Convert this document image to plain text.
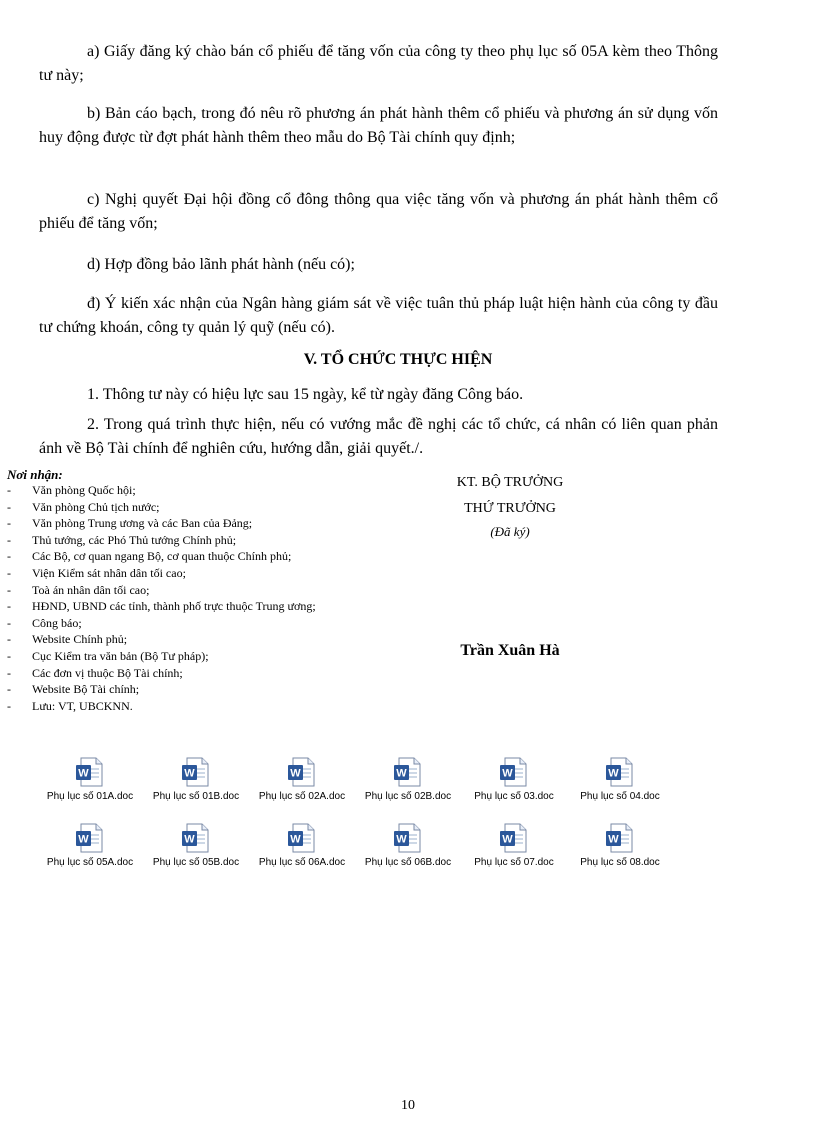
a) Giấy đăng ký chào bán cổ phiếu để tăng vốn của công ty theo phụ lục số 05A kèm theo Thông tư này;

b) Bản cáo bạch, trong đó nêu rõ phương án phát hành thêm cổ phiếu và phương án sử dụng vốn huy động được từ đợt phát hành thêm theo mẫu do Bộ Tài chính quy định;

c) Nghị quyết Đại hội đồng cổ đông thông qua việc tăng vốn và phương án phát hành thêm cổ phiếu để tăng vốn;

d) Hợp đồng bảo lãnh phát hành (nếu có);

đ) Ý kiến xác nhận của Ngân hàng giám sát về việc tuân thủ pháp luật hiện hành của công ty đầu tư chứng khoán, công ty quản lý quỹ (nếu có).

V. TỔ CHỨC THỰC HIỆN

1. Thông tư này có hiệu lực sau 15 ngày, kể từ ngày đăng Công báo.

2. Trong quá trình thực hiện, nếu có vướng mắc đề nghị các tổ chức, cá nhân có liên quan phản ánh về Bộ Tài chính để nghiên cứu, hướng dẫn, giải quyết./.

Nơi nhận:
- Văn phòng Quốc hội;
- Văn phòng Chủ tịch nước;
- Văn phòng Trung ương và các Ban của Đảng;
- Thủ tướng, các Phó Thủ tướng Chính phủ;
- Các Bộ, cơ quan ngang Bộ, cơ quan thuộc Chính phủ;
- Viện Kiểm sát nhân dân tối cao;
- Toà án nhân dân tối cao;
- HĐND, UBND các tỉnh, thành phố trực thuộc Trung ương;
- Công báo;
- Website Chính phủ;
- Cục Kiểm tra văn bản (Bộ Tư pháp);
- Các đơn vị thuộc Bộ Tài chính;
- Website Bộ Tài chính;
- Lưu: VT, UBCKNN.
KT. BỘ TRƯỞNG
THỨ TRƯỞNG
(Đã ký)
Trần Xuân Hà
W
Phụ lục số 01A.doc
W
Phụ lục số 01B.doc
W
Phụ lục số 02A.doc
W
Phụ lục số 02B.doc
W
Phụ lục số 03.doc
W
Phụ lục số 04.doc
W
Phụ lục số 05A.doc
W
Phụ lục số 05B.doc
W
Phụ lục số 06A.doc
W
Phụ lục số 06B.doc
W
Phụ lục số 07.doc
W
Phụ lục số 08.doc
10
